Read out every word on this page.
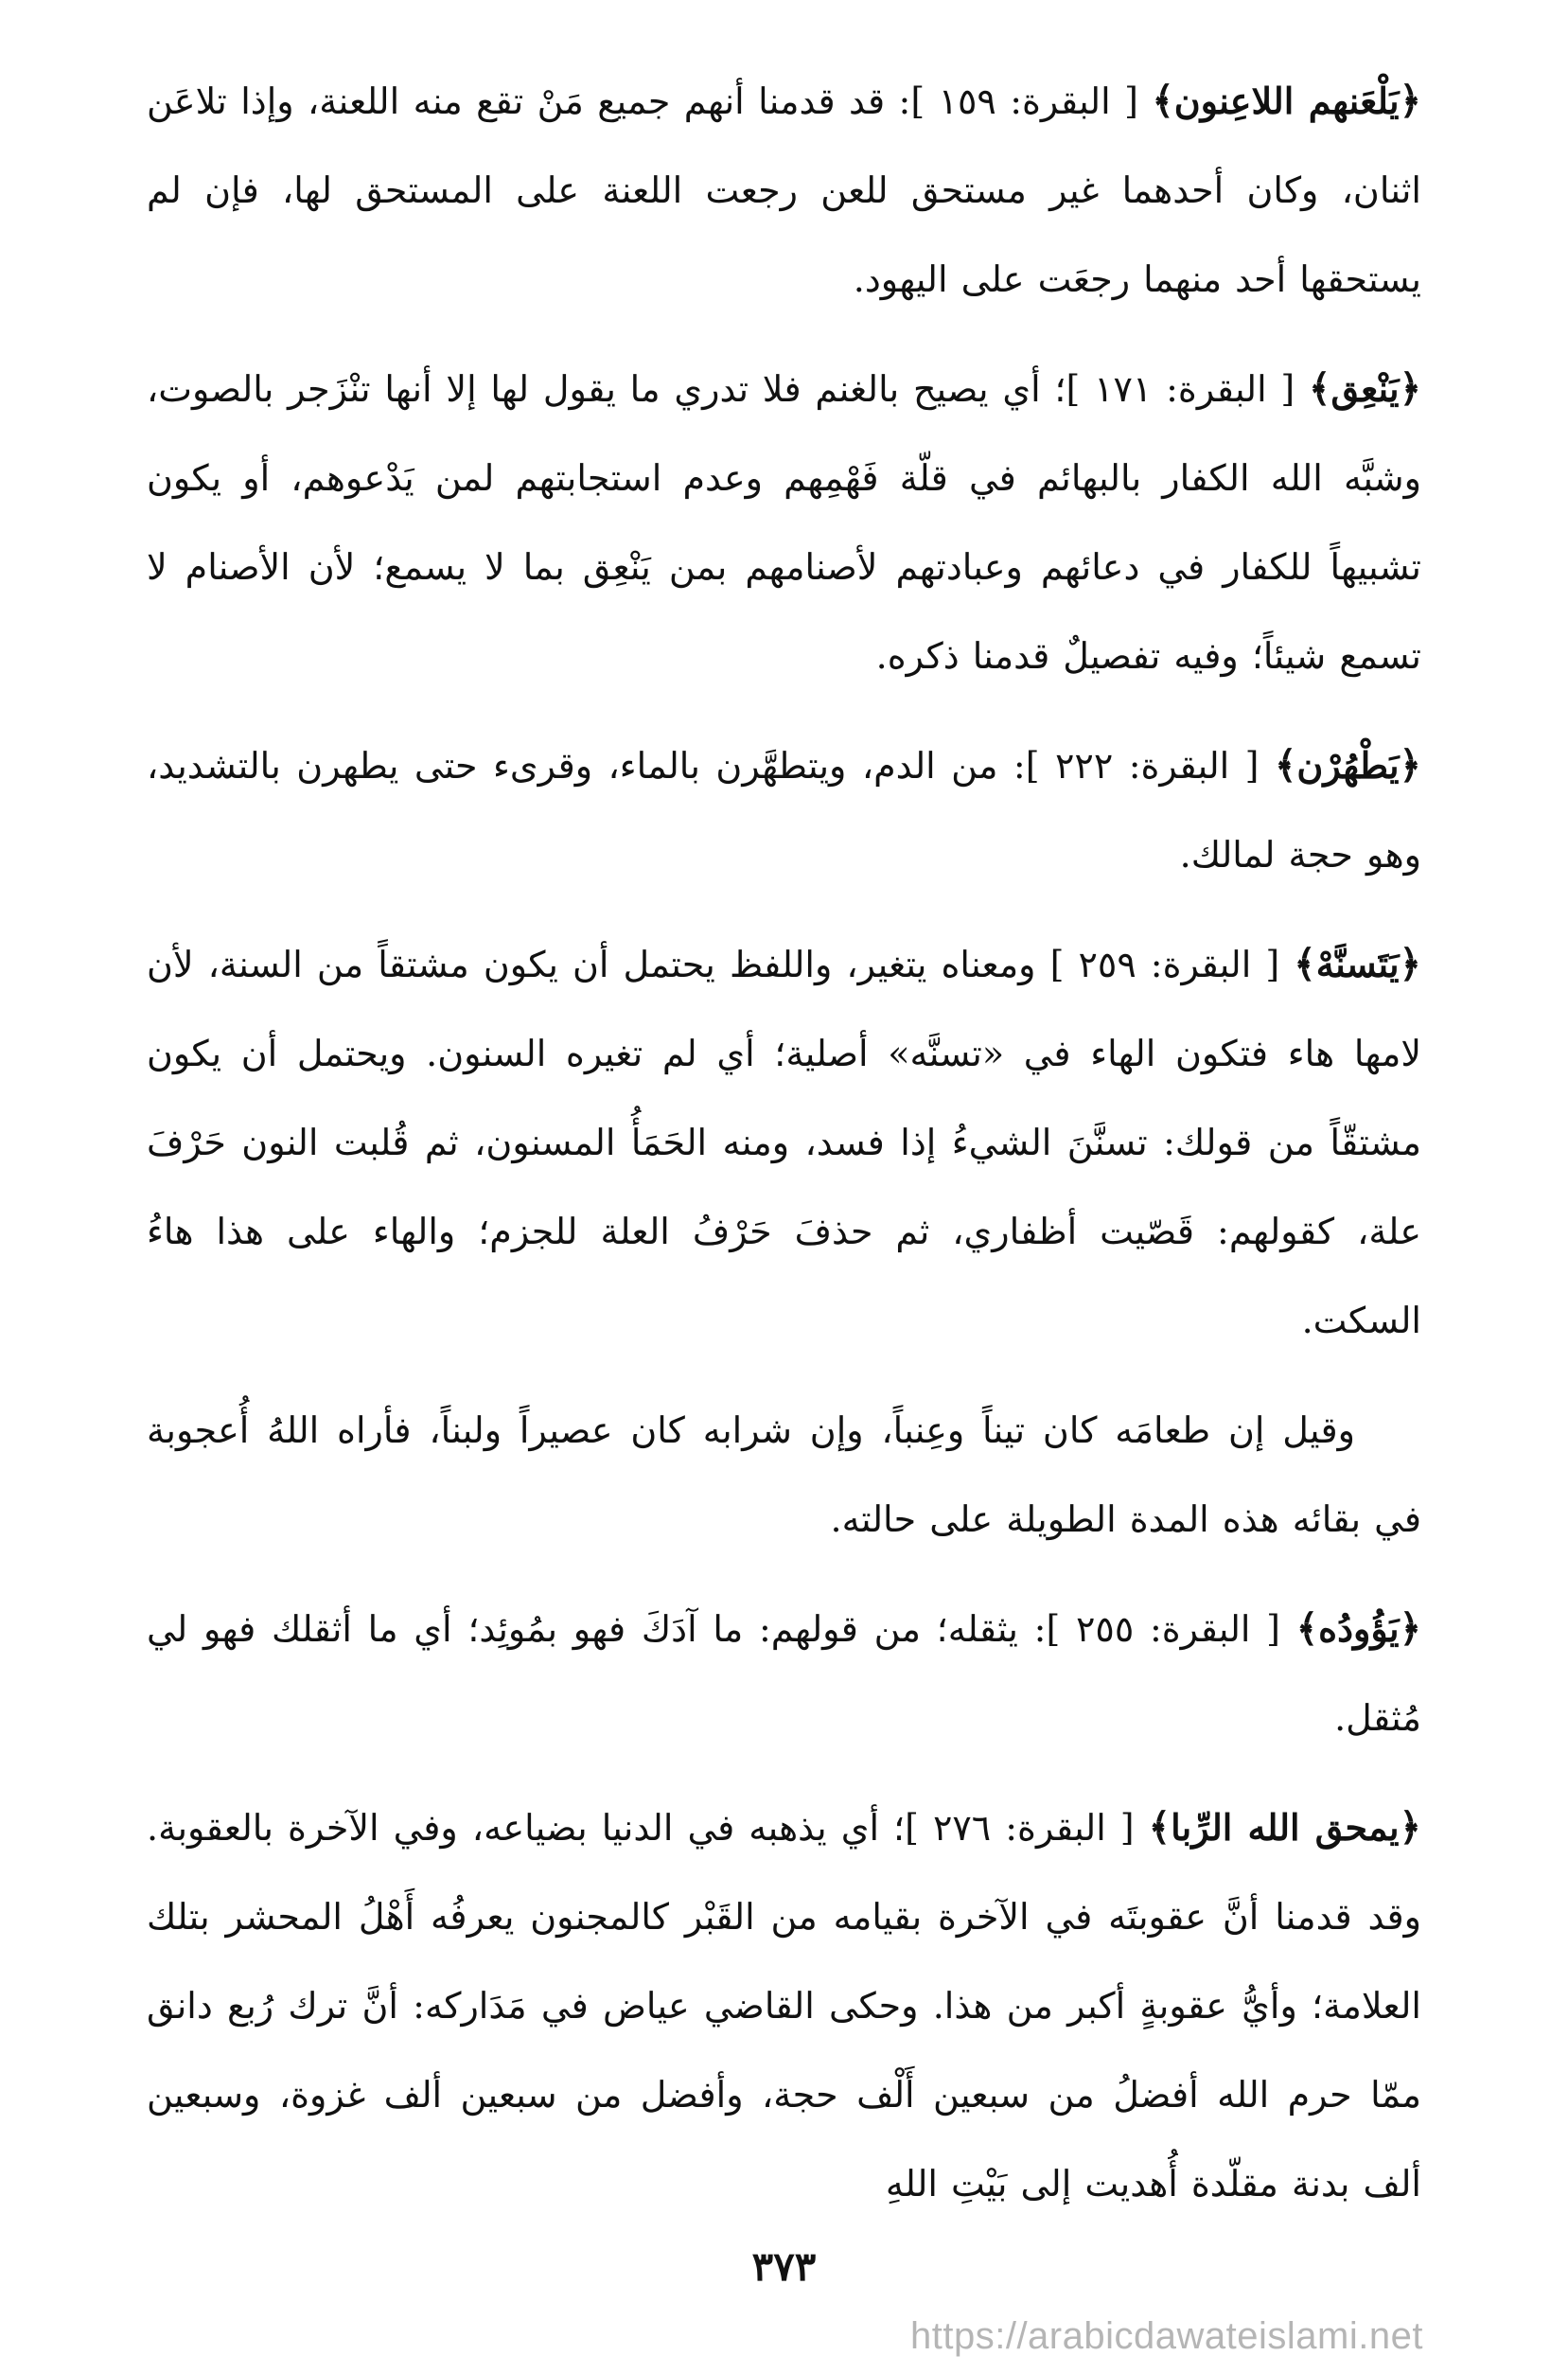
﴿يَلْعَنهم اللاعِنون﴾ [ البقرة: ١٥٩ ]: قد قدمنا أنهم جميع مَنْ تقع منه اللعنة، وإذا تلاعَن اثنان، وكان أحدهما غير مستحق للعن رجعت اللعنة على المستحق لها، فإن لم يستحقها أحد منهما رجعَت على اليهود.

﴿يَنْعِق﴾ [ البقرة: ١٧١ ]؛ أي يصيح بالغنم فلا تدري ما يقول لها إلا أنها تنْزَجر بالصوت، وشبَّه الله الكفار بالبهائم في قلّة فَهْمِهم وعدم استجابتهم لمن يَدْعوهم، أو يكون تشبيهاً للكفار في دعائهم وعبادتهم لأصنامهم بمن يَنْعِق بما لا يسمع؛ لأن الأصنام لا تسمع شيئاً؛ وفيه تفصيلٌ قدمنا ذكره.

﴿يَطْهُرْن﴾ [ البقرة: ٢٢٢ ]: من الدم، ويتطهَّرن بالماء، وقرىء حتى يطهرن بالتشديد، وهو حجة لمالك.

﴿يَتَسنَّهْ﴾ [ البقرة: ٢٥٩ ] ومعناه يتغير، واللفظ يحتمل أن يكون مشتقاً من السنة، لأن لامها هاء فتكون الهاء في «تسنَّه» أصلية؛ أي لم تغيره السنون. ويحتمل أن يكون مشتقّاً من قولك: تسنَّنَ الشيءُ إذا فسد، ومنه الحَمَأُ المسنون، ثم قُلبت النون حَرْفَ علة، كقولهم: قَصّيت أظفاري، ثم حذفَ حَرْفُ العلة للجزم؛ والهاء على هذا هاءُ السكت.

وقيل إن طعامَه كان تيناً وعِنباً، وإن شرابه كان عصيراً ولبناً، فأراه اللهُ أُعجوبة في بقائه هذه المدة الطويلة على حالته.

﴿يَؤُودُه﴾ [ البقرة: ٢٥٥ ]: يثقله؛ من قولهم: ما آدَكَ فهو بمُوئِد؛ أي ما أثقلك فهو لي مُثقل.

﴿يمحق الله الرِّبا﴾ [ البقرة: ٢٧٦ ]؛ أي يذهبه في الدنيا بضياعه، وفي الآخرة بالعقوبة. وقد قدمنا أنَّ عقوبتَه في الآخرة بقيامه من القَبْر كالمجنون يعرفُه أَهْلُ المحشر بتلك العلامة؛ وأيُّ عقوبةٍ أكبر من هذا. وحكى القاضي عياض في مَدَاركه: أنَّ ترك رُبع دانق ممّا حرم الله أفضلُ من سبعين أَلْف حجة، وأفضل من سبعين ألف غزوة، وسبعين ألف بدنة مقلّدة أُهديت إلى بَيْتِ اللهِ

٣٧٣
https://arabicdawateislami.net
